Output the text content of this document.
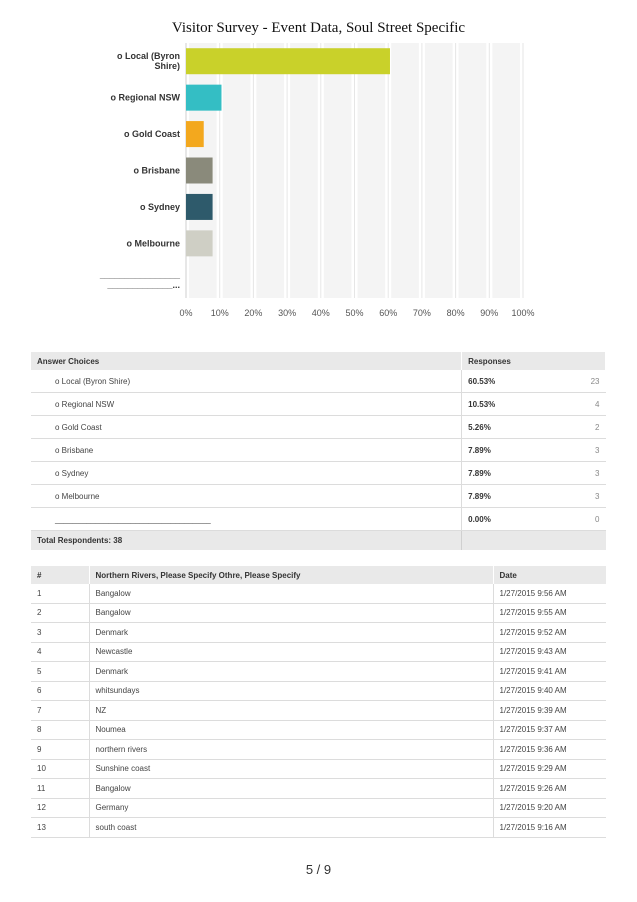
Visitor Survey - Event Data, Soul Street Specific
0% 10% 20% 30% 40% 50% 60% 70% 80% 90% 100%
o Local (Byron Shire)
o Regional NSW
o Gold Coast
o Brisbane
o Sydney
o Melbourne
________________ _____________...
Answer Choices	Responses	
o Local (Byron Shire)	60.53%	23
o Regional NSW	10.53%	4
o Gold Coast	5.26%	2
o Brisbane	7.89%	3
o Sydney	7.89%	3
o Melbourne	7.89%	3
___________________________________	0.00%	0
Total Respondents: 38		
#	Northern Rivers, Please Specify Othre, Please Specify	Date
1	Bangalow	1/27/2015 9:56 AM
2	Bangalow	1/27/2015 9:55 AM
3	Denmark	1/27/2015 9:52 AM
4	Newcastle	1/27/2015 9:43 AM
5	Denmark	1/27/2015 9:41 AM
6	whitsundays	1/27/2015 9:40 AM
7	NZ	1/27/2015 9:39 AM
8	Noumea	1/27/2015 9:37 AM
9	northern rivers	1/27/2015 9:36 AM
10	Sunshine coast	1/27/2015 9:29 AM
11	Bangalow	1/27/2015 9:26 AM
12	Germany	1/27/2015 9:20 AM
13	south coast	1/27/2015 9:16 AM
5 / 9
